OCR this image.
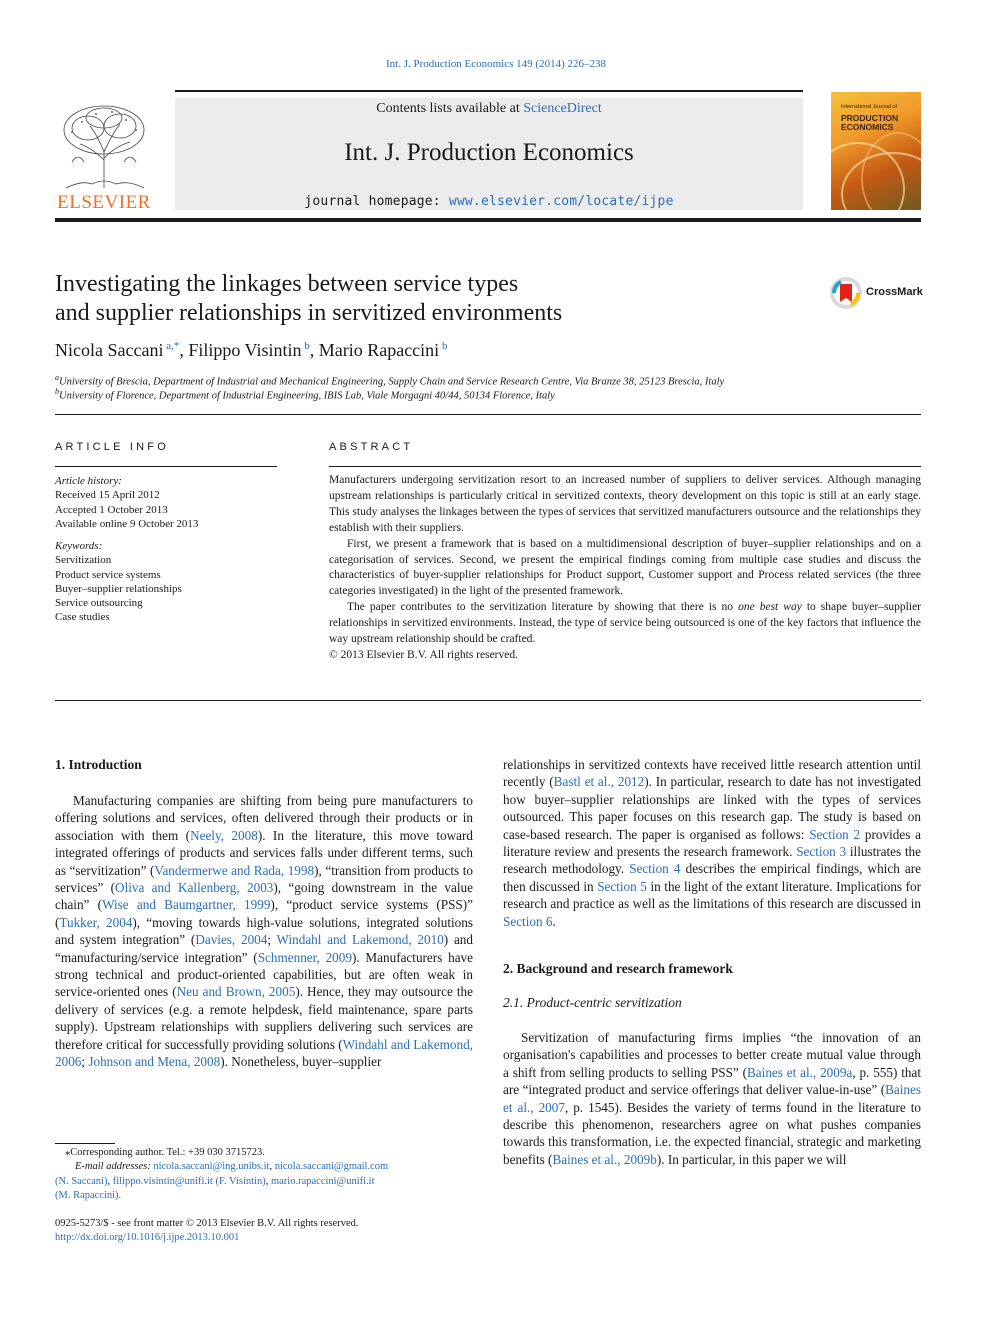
Int. J. Production Economics 149 (2014) 226–238
ELSEVIER
Contents lists available at ScienceDirect
Int. J. Production Economics
journal homepage: www.elsevier.com/locate/ijpe
International Journal of
PRODUCTION
ECONOMICS
Investigating the linkages between service types
and supplier relationships in servitized environments
CrossMark
Nicola Saccani $^{a,*}$, Filippo Visintin $^b$, Mario Rapaccini $^b$
$^a$University of Brescia, Department of Industrial and Mechanical Engineering, Supply Chain and Service Research Centre, Via Branze 38, 25123 Brescia, Italy
$^b$University of Florence, Department of Industrial Engineering, IBIS Lab, Viale Morgagni 40/44, 50134 Florence, Italy
ARTICLE INFO
Article history:
Received 15 April 2012
Accepted 1 October 2013
Available online 9 October 2013
Keywords:
Servitization
Product service systems
Buyer–supplier relationships
Service outsourcing
Case studies
ABSTRACT

Manufacturers undergoing servitization resort to an increased number of suppliers to deliver services. Although managing upstream relationships is particularly critical in servitized contexts, theory development on this topic is still at an early stage. This study analyses the linkages between the types of services that servitized manufacturers outsource and the relationships they establish with their suppliers.

First, we present a framework that is based on a multidimensional description of buyer–supplier relationships and on a categorisation of services. Second, we present the empirical findings coming from multiple case studies and discuss the characteristics of buyer-supplier relationships for Product support, Customer support and Process related services (the three categories investigated) in the light of the presented framework.

The paper contributes to the servitization literature by showing that there is no one best way to shape buyer–supplier relationships in servitized environments. Instead, the type of service being outsourced is one of the key factors that influence the way upstream relationship should be crafted.

© 2013 Elsevier B.V. All rights reserved.

1. Introduction

Manufacturing companies are shifting from being pure manufacturers to offering solutions and services, often delivered through their products or in association with them (Neely, 2008). In the literature, this move toward integrated offerings of products and services falls under different terms, such as “servitization” (Vandermerwe and Rada, 1998), “transition from products to services” (Oliva and Kallenberg, 2003), “going downstream in the value chain” (Wise and Baumgartner, 1999), “product service systems (PSS)” (Tukker, 2004), “moving towards high-value solutions, integrated solutions and system integration” (Davies, 2004; Windahl and Lakemond, 2010) and “manufacturing/service integration” (Schmenner, 2009). Manufacturers have strong technical and product-oriented capabilities, but are often weak in service-oriented ones (Neu and Brown, 2005). Hence, they may outsource the delivery of services (e.g. a remote helpdesk, field maintenance, spare parts supply). Upstream relationships with suppliers delivering such services are therefore critical for successfully providing solutions (Windahl and Lakemond, 2006; Johnson and Mena, 2008). Nonetheless, buyer–supplier

⁎Corresponding author. Tel.: +39 030 3715723.
E-mail addresses: nicola.saccani@ing.unibs.it, nicola.saccani@gmail.com
(N. Saccani), filippo.visintin@unifi.it (F. Visintin), mario.rapaccini@unifi.it
(M. Rapaccini).
0925-5273/$ - see front matter © 2013 Elsevier B.V. All rights reserved.
http://dx.doi.org/10.1016/j.ijpe.2013.10.001

relationships in servitized contexts have received little research attention until recently (Bastl et al., 2012). In particular, research to date has not investigated how buyer–supplier relationships are linked with the types of services outsourced. This paper focuses on this research gap. The study is based on case-based research. The paper is organised as follows: Section 2 provides a literature review and presents the research framework. Section 3 illustrates the research methodology. Section 4 describes the empirical findings, which are then discussed in Section 5 in the light of the extant literature. Implications for research and practice as well as the limitations of this research are discussed in Section 6.

2. Background and research framework
2.1. Product-centric servitization

Servitization of manufacturing firms implies “the innovation of an organisation's capabilities and processes to better create mutual value through a shift from selling products to selling PSS” (Baines et al., 2009a, p. 555) that are “integrated product and service offerings that deliver value-in-use” (Baines et al., 2007, p. 1545). Besides the variety of terms found in the literature to describe this phenomenon, researchers agree on what pushes companies towards this transformation, i.e. the expected financial, strategic and marketing benefits (Baines et al., 2009b). In particular, in this paper we will
